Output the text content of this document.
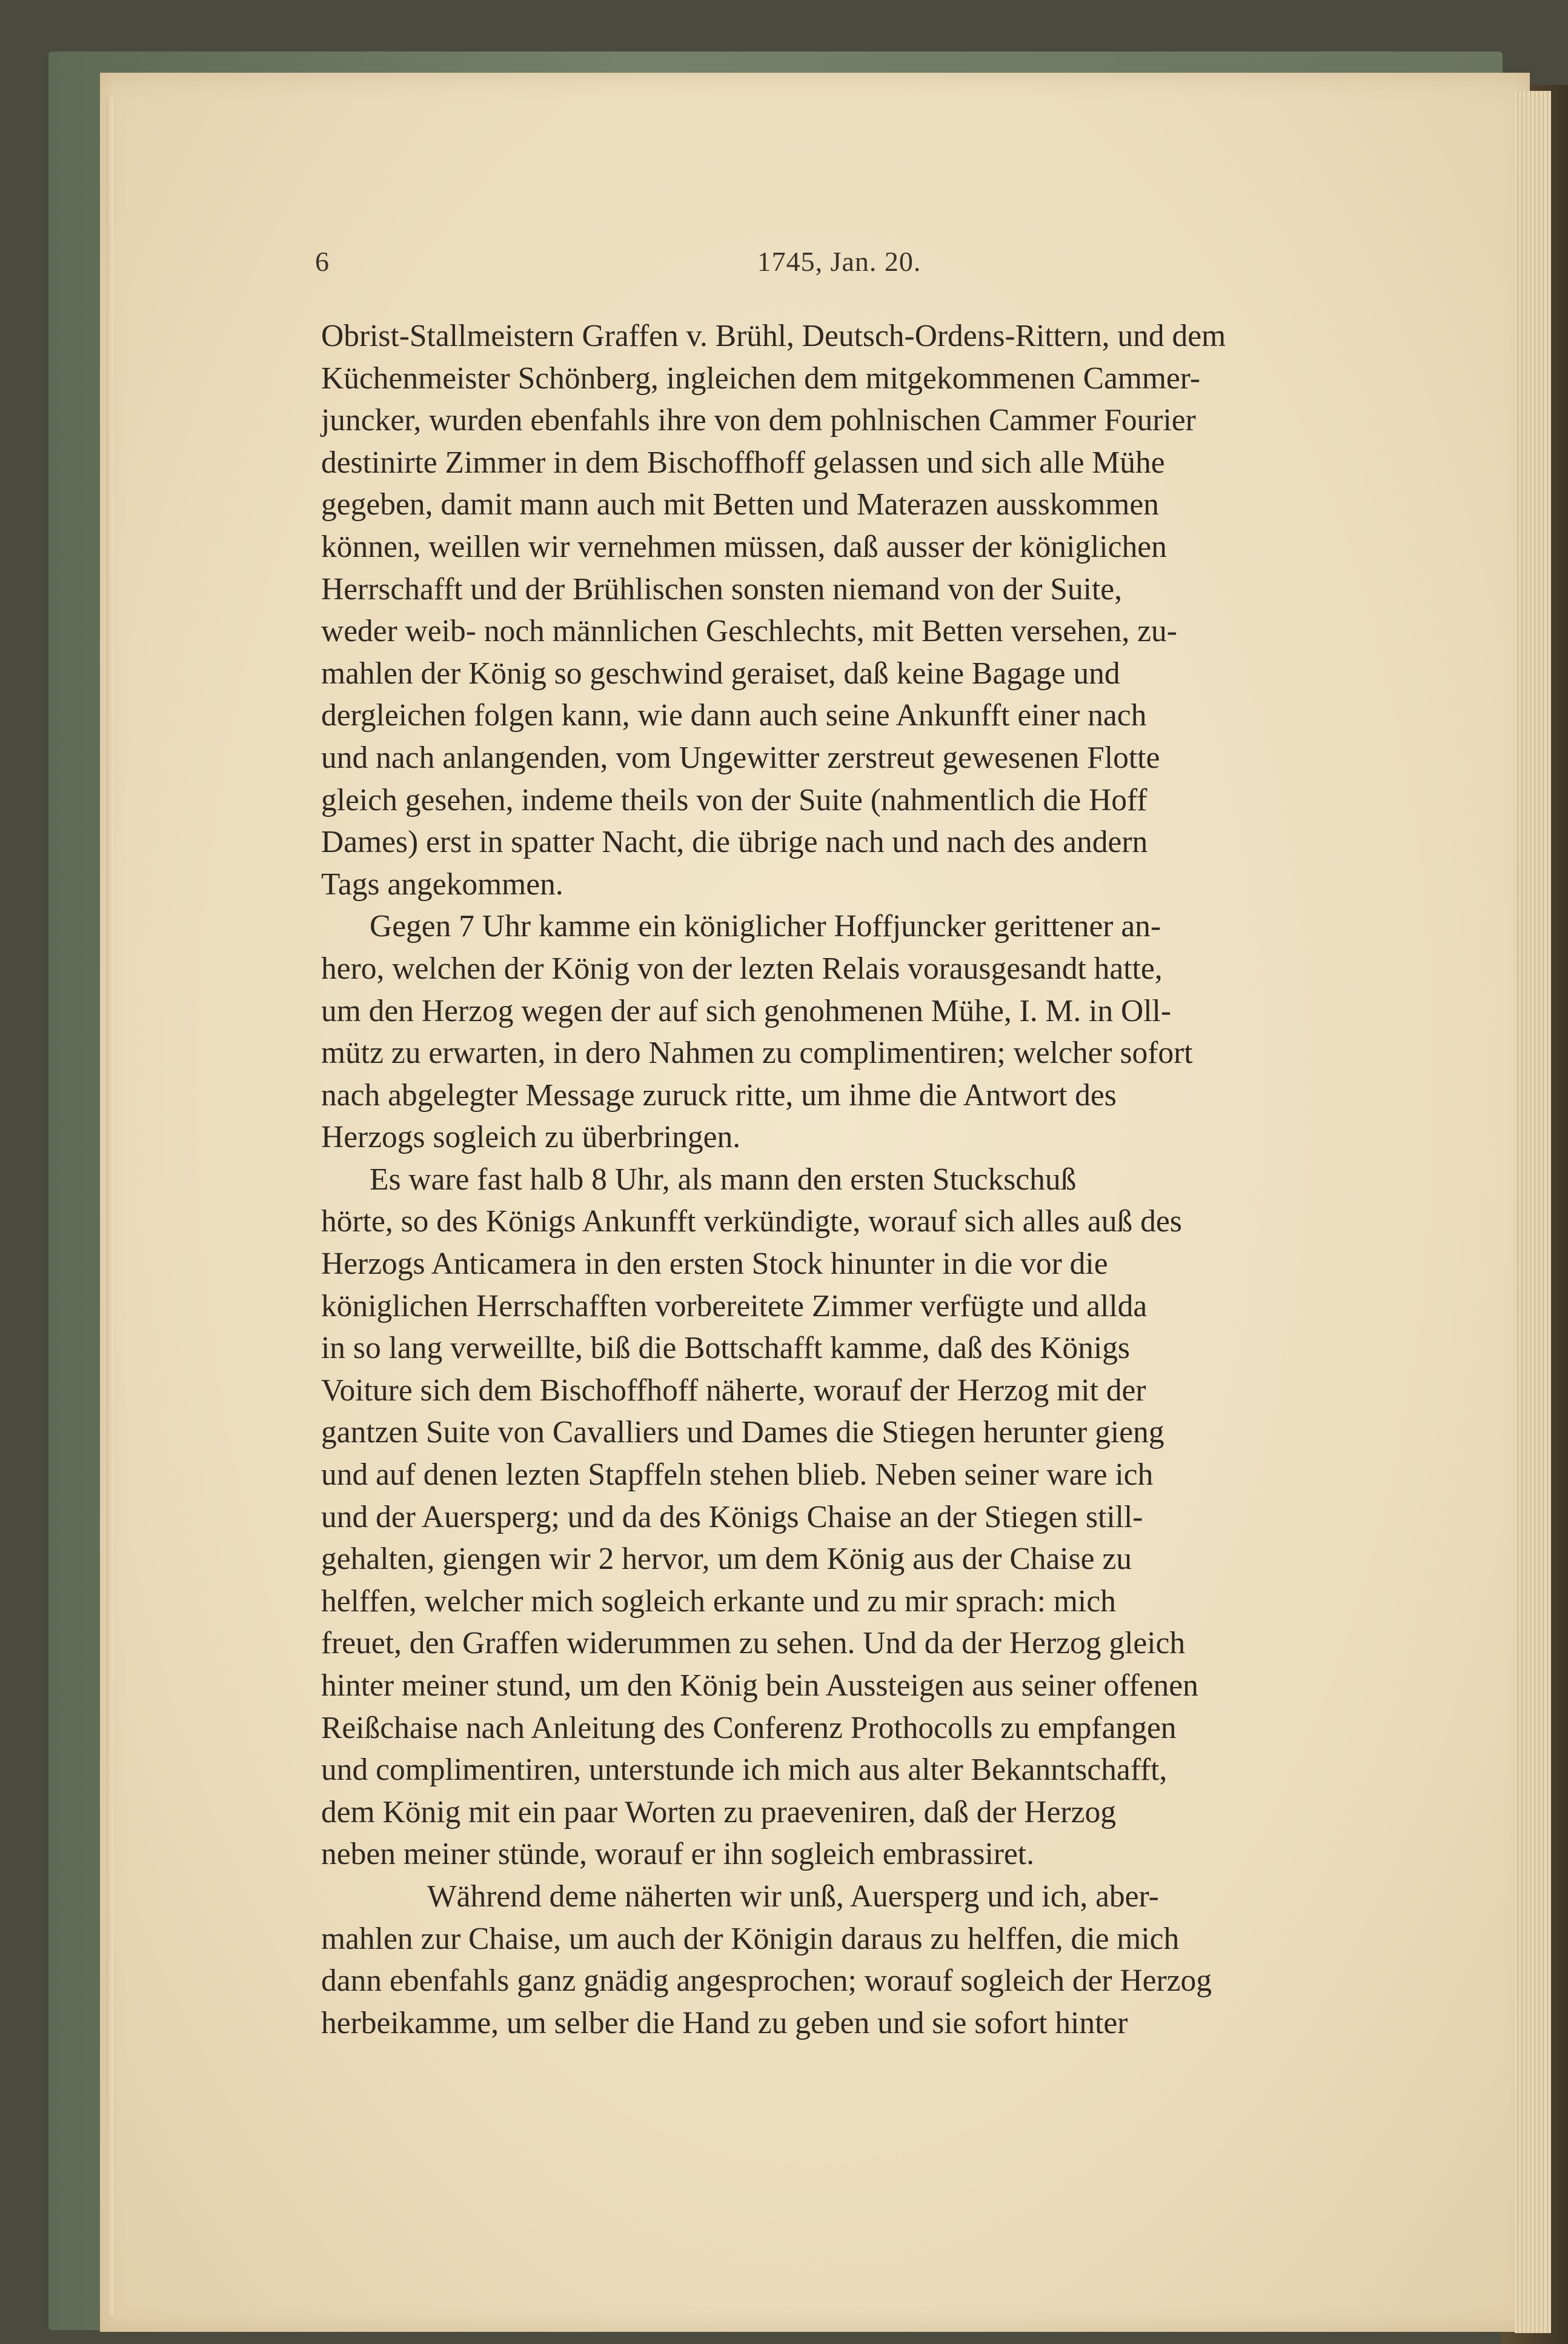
6	1745, Jan. 20.
Obrist-Stallmeistern Graffen v. Brühl, Deutsch-Ordens-Rittern, und dem
Küchenmeister Schönberg, ingleichen dem mitgekommenen Cammer-
juncker, wurden ebenfahls ihre von dem pohlnischen Cammer Fourier
destinirte Zimmer in dem Bischoffhoff gelassen und sich alle Mühe
gegeben, damit mann auch mit Betten und Materazen ausskommen
können, weillen wir vernehmen müssen, daß ausser der königlichen
Herrschafft und der Brühlischen sonsten niemand von der Suite,
weder weib- noch männlichen Geschlechts, mit Betten versehen, zu-
mahlen der König so geschwind geraiset, daß keine Bagage und
dergleichen folgen kann, wie dann auch seine Ankunfft einer nach
und nach anlangenden, vom Ungewitter zerstreut gewesenen Flotte
gleich gesehen, indeme theils von der Suite (nahmentlich die Hoff
Dames) erst in spatter Nacht, die übrige nach und nach des andern
Tags angekommen.
Gegen 7 Uhr kamme ein königlicher Hoffjuncker gerittener an-
hero, welchen der König von der lezten Relais vorausgesandt hatte,
um den Herzog wegen der auf sich genohmenen Mühe, I. M. in Oll-
mütz zu erwarten, in dero Nahmen zu complimentiren; welcher sofort
nach abgelegter Message zuruck ritte, um ihme die Antwort des
Herzogs sogleich zu überbringen.
Es ware fast halb 8 Uhr, als mann den ersten Stuckschuß
hörte, so des Königs Ankunfft verkündigte, worauf sich alles auß des
Herzogs Anticamera in den ersten Stock hinunter in die vor die
königlichen Herrschafften vorbereitete Zimmer verfügte und allda
in so lang verweillte, biß die Bottschafft kamme, daß des Königs
Voiture sich dem Bischoffhoff näherte, worauf der Herzog mit der
gantzen Suite von Cavalliers und Dames die Stiegen herunter gieng
und auf denen lezten Stapffeln stehen blieb. Neben seiner ware ich
und der Auersperg; und da des Königs Chaise an der Stiegen still-
gehalten, giengen wir 2 hervor, um dem König aus der Chaise zu
helffen, welcher mich sogleich erkante und zu mir sprach: mich
freuet, den Graffen widerummen zu sehen. Und da der Herzog gleich
hinter meiner stund, um den König bein Aussteigen aus seiner offenen
Reißchaise nach Anleitung des Conferenz Prothocolls zu empfangen
und complimentiren, unterstunde ich mich aus alter Bekanntschafft,
dem König mit ein paar Worten zu praeveniren, daß der Herzog
neben meiner stünde, worauf er ihn sogleich embrassiret.
Während deme näherten wir unß, Auersperg und ich, aber-
mahlen zur Chaise, um auch der Königin daraus zu helffen, die mich
dann ebenfahls ganz gnädig angesprochen; worauf sogleich der Herzog
herbeikamme, um selber die Hand zu geben und sie sofort hinter
